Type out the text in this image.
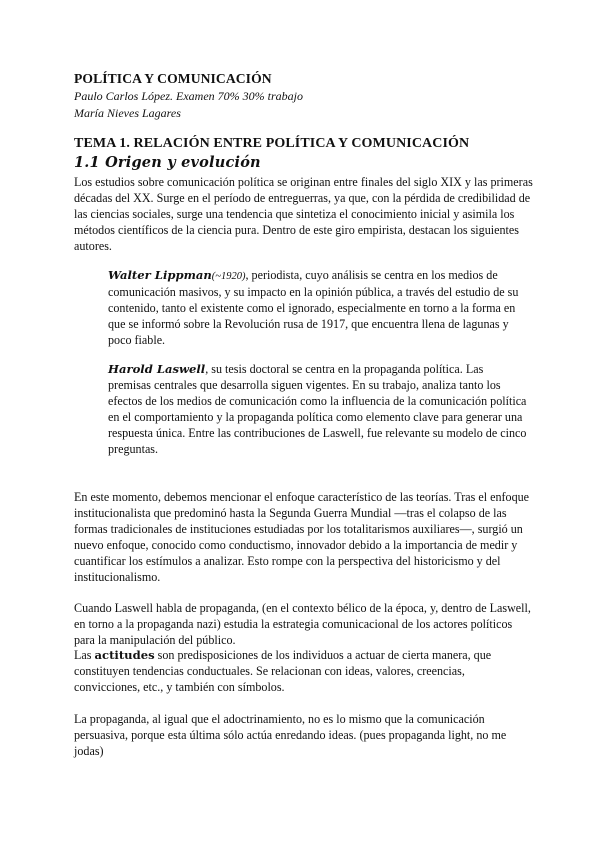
POLÍTICA Y COMUNICACIÓN
Paulo Carlos López. Examen 70% 30% trabajo
María Nieves Lagares
TEMA 1. RELACIÓN ENTRE POLÍTICA Y COMUNICACIÓN
1.1 Origen y evolución
Los estudios sobre comunicación política se originan entre finales del siglo XIX y las primeras décadas del XX. Surge en el período de entreguerras, ya que, con la pérdida de credibilidad de las ciencias sociales, surge una tendencia que sintetiza el conocimiento inicial y asimila los métodos científicos de la ciencia pura. Dentro de este giro empirista, destacan los siguientes autores.
Walter Lippman(~1920), periodista, cuyo análisis se centra en los medios de comunicación masivos, y su impacto en la opinión pública, a través del estudio de su contenido, tanto el existente como el ignorado, especialmente en torno a la forma en que se informó sobre la Revolución rusa de 1917, que encuentra llena de lagunas y poco fiable.
Harold Laswell, su tesis doctoral se centra en la propaganda política. Las premisas centrales que desarrolla siguen vigentes. En su trabajo, analiza tanto los efectos de los medios de comunicación como la influencia de la comunicación política en el comportamiento y la propaganda política como elemento clave para generar una respuesta única. Entre las contribuciones de Laswell, fue relevante su modelo de cinco preguntas.
En este momento, debemos mencionar el enfoque característico de las teorías. Tras el enfoque institucionalista que predominó hasta la Segunda Guerra Mundial —tras el colapso de las formas tradicionales de instituciones estudiadas por los totalitarismos auxiliares—, surgió un nuevo enfoque, conocido como conductismo, innovador debido a la importancia de medir y cuantificar los estímulos a analizar. Esto rompe con la perspectiva del historicismo y del institucionalismo.
Cuando Laswell habla de propaganda, (en el contexto bélico de la época, y, dentro de Laswell, en torno a la propaganda nazi) estudia la estrategia comunicacional de los actores políticos para la manipulación del público.
Las actitudes son predisposiciones de los individuos a actuar de cierta manera, que constituyen tendencias conductuales. Se relacionan con ideas, valores, creencias, convicciones, etc., y también con símbolos.
La propaganda, al igual que el adoctrinamiento, no es lo mismo que la comunicación persuasiva, porque esta última sólo actúa enredando ideas. (pues propaganda light, no me jodas)
